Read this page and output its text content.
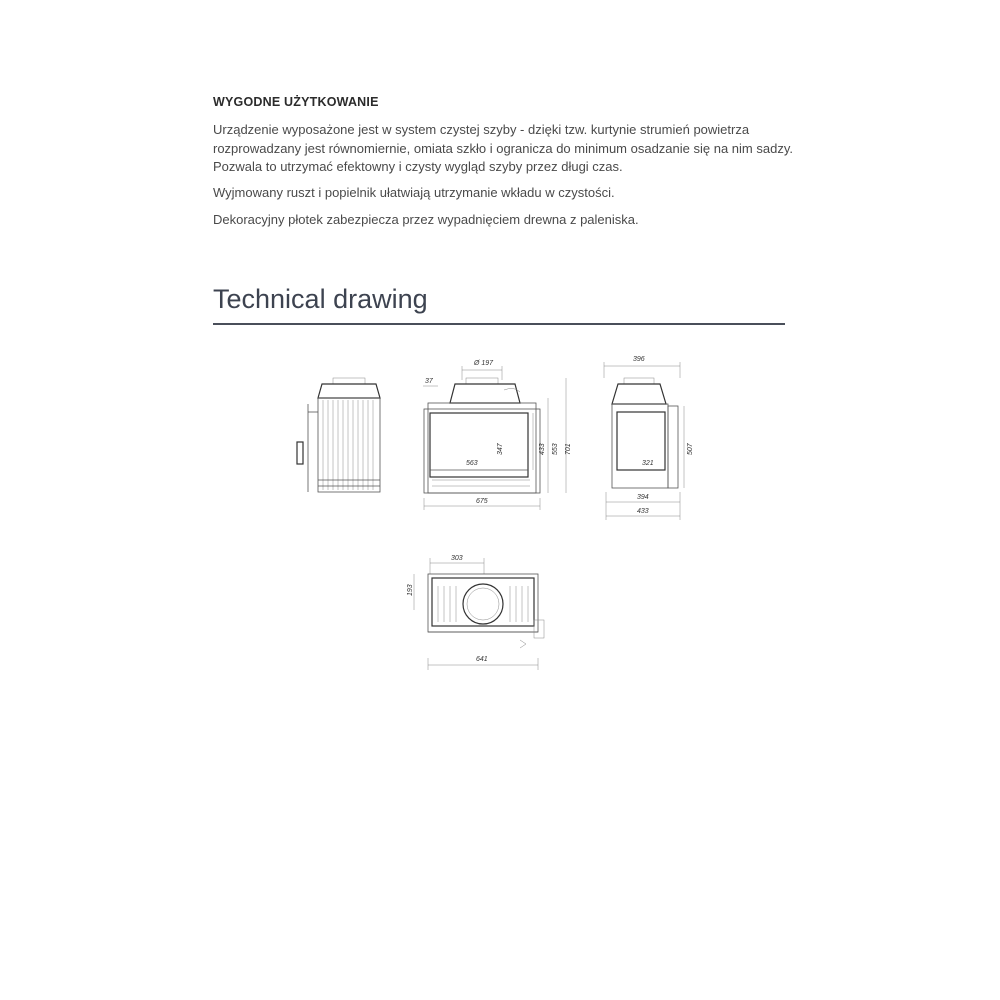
WYGODNE UŻYTKOWANIE

Urządzenie wyposażone jest w system czystej szyby - dzięki tzw. kurtynie strumień powietrza
rozprowadzany jest równomiernie, omiata szkło i ogranicza do minimum osadzanie się na nim sadzy.
Pozwala to utrzymać efektowny i czysty wygląd szyby przez długi czas.

Wyjmowany ruszt i popielnik ułatwiają utrzymanie wkładu w czystości.

Dekoracyjny płotek zabezpiecza przez wypadnięciem drewna z paleniska.

Technical drawing
Ø 197
37
563
347	433 553 701
675
396
321
507
394
433
303
193
641
